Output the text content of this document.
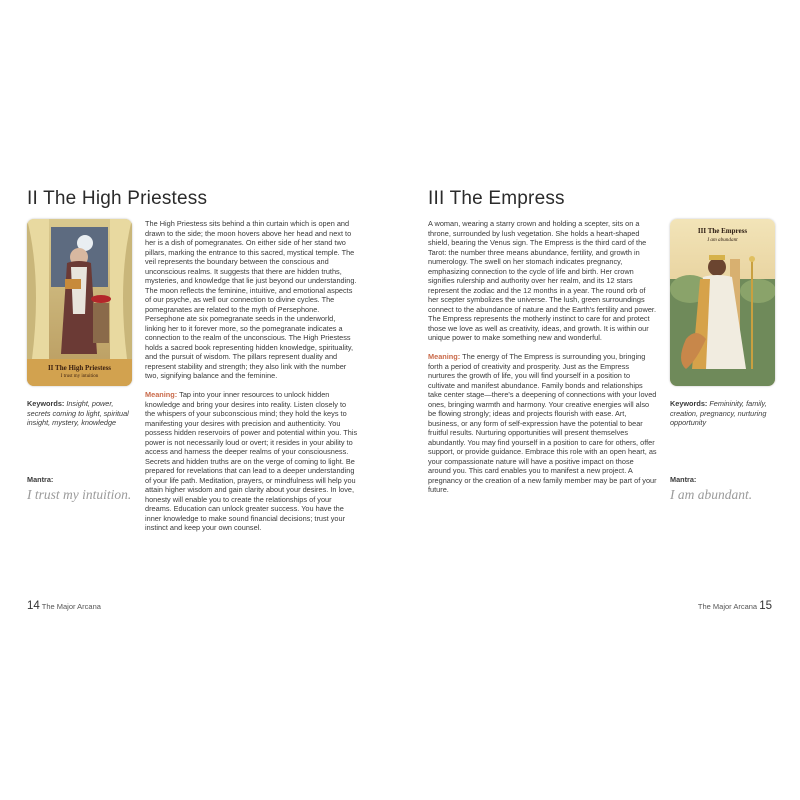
II The High Priestess
II The High Priestess
I trust my intuition
Keywords: Insight, power, secrets coming to light, spiritual insight, mystery, knowledge
Mantra:
I trust my intuition.

The High Priestess sits behind a thin curtain which is open and drawn to the side; the moon hovers above her head and next to her is a dish of pomegranates. On either side of her stand two pillars, marking the entrance to this sacred, mystical temple. The veil represents the boundary between the conscious and unconscious realms. It suggests that there are hidden truths, mysteries, and knowledge that lie just beyond our understanding. The moon reflects the feminine, intuitive, and emotional aspects of our psyche, as well our connection to divine cycles. The pomegranates are related to the myth of Persephone. Persephone ate six pomegranate seeds in the underworld, linking her to it forever more, so the pomegranate indicates a connection to the realm of the unconscious. The High Priestess holds a sacred book representing hidden knowledge, spirituality, and the pursuit of wisdom. The pillars represent duality and represent stability and strength; they also link with the number two, signifying balance and the feminine.

Meaning: Tap into your inner resources to unlock hidden knowledge and bring your desires into reality. Listen closely to the whispers of your subconscious mind; they hold the keys to manifesting your desires with precision and authenticity. You possess hidden reservoirs of power and potential within you. This power is not necessarily loud or overt; it resides in your ability to access and harness the deeper realms of your consciousness. Secrets and hidden truths are on the verge of coming to light. Be prepared for revelations that can lead to a deeper understanding of your life path. Meditation, prayers, or mindfulness will help you attain higher wisdom and gain clarity about your desires. In love, honesty will enable you to create the relationships of your dreams. Education can unlock greater success. You have the inner knowledge to make sound financial decisions; trust your instinct and keep your own counsel.

14 The Major Arcana
III The Empress

A woman, wearing a starry crown and holding a scepter, sits on a throne, surrounded by lush vegetation. She holds a heart-shaped shield, bearing the Venus sign. The Empress is the third card of the Tarot: the number three means abundance, fertility, and growth in numerology. The swell on her stomach indicates pregnancy, emphasizing connection to the cycle of life and birth. Her crown signifies rulership and authority over her realm, and its 12 stars represent the zodiac and the 12 months in a year. The round orb of her scepter symbolizes the universe. The lush, green surroundings connect to the abundance of nature and the Earth's fertility and power. The Empress represents the motherly instinct to care for and protect those we love as well as creativity, ideas, and growth. It is within our unique power to make something new and wonderful.

Meaning: The energy of The Empress is surrounding you, bringing forth a period of creativity and prosperity. Just as the Empress nurtures the growth of life, you will find yourself in a position to cultivate and manifest abundance. Family bonds and relationships take center stage—there's a deepening of connections with your loved ones, bringing warmth and harmony. Your creative energies will also be flowing strongly; ideas and projects flourish with ease. Art, business, or any form of self-expression have the potential to bear fruitful results. Nurturing opportunities will present themselves abundantly. You may find yourself in a position to care for others, offer support, or provide guidance. Embrace this role with an open heart, as your compassionate nature will have a positive impact on those around you. This card enables you to manifest a new project. A pregnancy or the creation of a new family member may be part of your future.

III The Empress
I am abundant
Keywords: Femininity, family, creation, pregnancy, nurturing opportunity
Mantra:
I am abundant.
The Major Arcana 15
